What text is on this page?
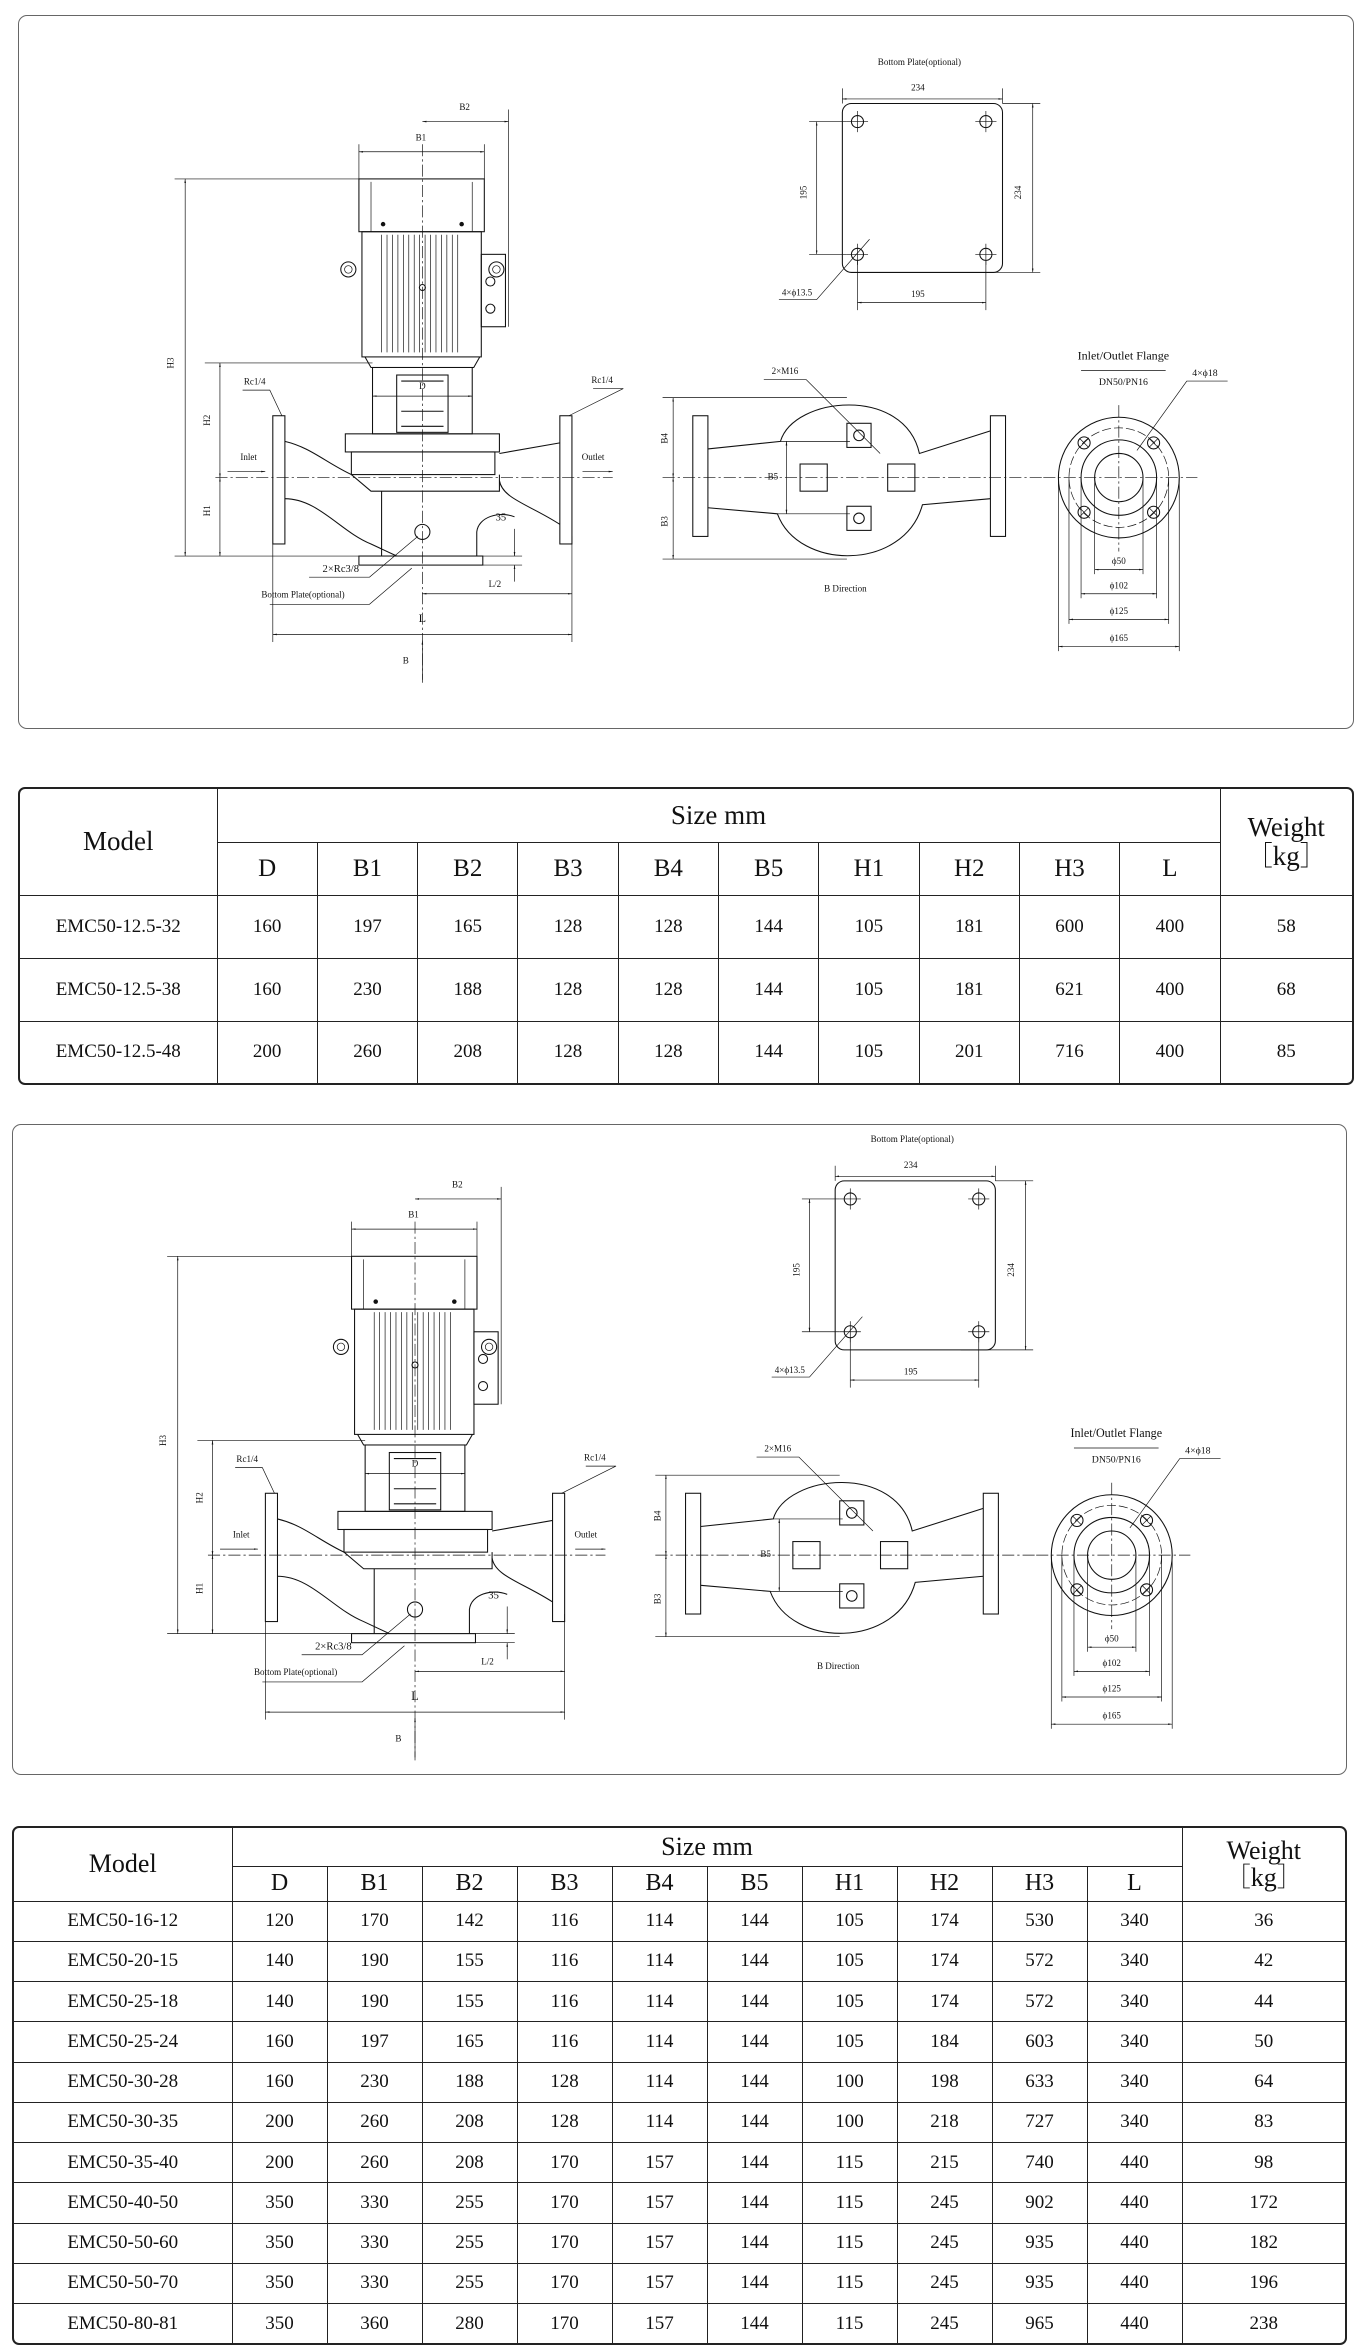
B1
B2
H3
H2
H1
D
Rc1/4	Rc1/4
Inlet	Outlet
35
2×Rc3/8
Bottom Plate(optional)
L
L/2
B
Bottom Plate(optional)
195	234
234
195
4×ϕ13.5
B4
B3
B5
2×M16
B Direction
Inlet/Outlet Flange
DN50/PN16
ϕ50
ϕ102
ϕ125
ϕ165
4×ϕ18
Model	Size mm										Weight
［kg］
	D	B1	B2	B3	B4	B5	H1	H2	H3	L	
EMC50-12.5-32	160	197	165	128	128	144	105	181	600	400	58
EMC50-12.5-38	160	230	188	128	128	144	105	181	621	400	68
EMC50-12.5-48	200	260	208	128	128	144	105	201	716	400	85
B1
B2
H3
H2
H1
D
Rc1/4	Rc1/4
Inlet	Outlet
35
2×Rc3/8
Bottom Plate(optional)
L
L/2
B
Bottom Plate(optional)
195	234
234
195
4×ϕ13.5
B4
B3
B5
2×M16
B Direction
Inlet/Outlet Flange
DN50/PN16
ϕ50
ϕ102
ϕ125
ϕ165
4×ϕ18
Model	Size mm										Weight
［kg］
	D	B1	B2	B3	B4	B5	H1	H2	H3	L	
EMC50-16-12	120	170	142	116	114	144	105	174	530	340	36
EMC50-20-15	140	190	155	116	114	144	105	174	572	340	42
EMC50-25-18	140	190	155	116	114	144	105	174	572	340	44
EMC50-25-24	160	197	165	116	114	144	105	184	603	340	50
EMC50-30-28	160	230	188	128	114	144	100	198	633	340	64
EMC50-30-35	200	260	208	128	114	144	100	218	727	340	83
EMC50-35-40	200	260	208	170	157	144	115	215	740	440	98
EMC50-40-50	350	330	255	170	157	144	115	245	902	440	172
EMC50-50-60	350	330	255	170	157	144	115	245	935	440	182
EMC50-50-70	350	330	255	170	157	144	115	245	935	440	196
EMC50-80-81	350	360	280	170	157	144	115	245	965	440	238
